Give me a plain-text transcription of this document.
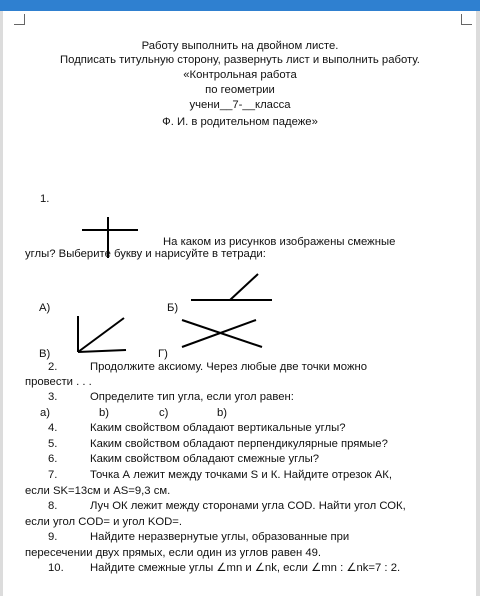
Работу выполнить на двойном листе.
Подписать титульную сторону, развернуть лист и выполнить работу.
«Контрольная работа
по геометрии
учени__7-__класса
Ф. И. в родительном падеже»
1.
На каком из рисунков изображены смежные
углы? Выберите букву и нарисуйте в тетради:
А)	Б)
В)	Г)
2.	Продолжите аксиому. Через любые две точки можно
провести . . .
3.	Определите тип угла, если угол равен:
а)	b)	c)	b)
4.	Каким свойством обладают вертикальные углы?
5.	Каким свойством обладают перпендикулярные прямые?
6.	Каким свойством обладают смежные углы?
7.	Точка А лежит между точками S и К. Найдите отрезок АК,
если SK=13см и AS=9,3 см.
8.	Луч ОК лежит между сторонами угла COD. Найти угол СОК,
если угол COD= и угол KOD=.
9.	Найдите неразвернутые углы, образованные при
пересечении двух прямых, если один из углов равен 49.
10. Найдите смежные углы ∠mn и ∠nk, если ∠mn : ∠nk=7 : 2.
